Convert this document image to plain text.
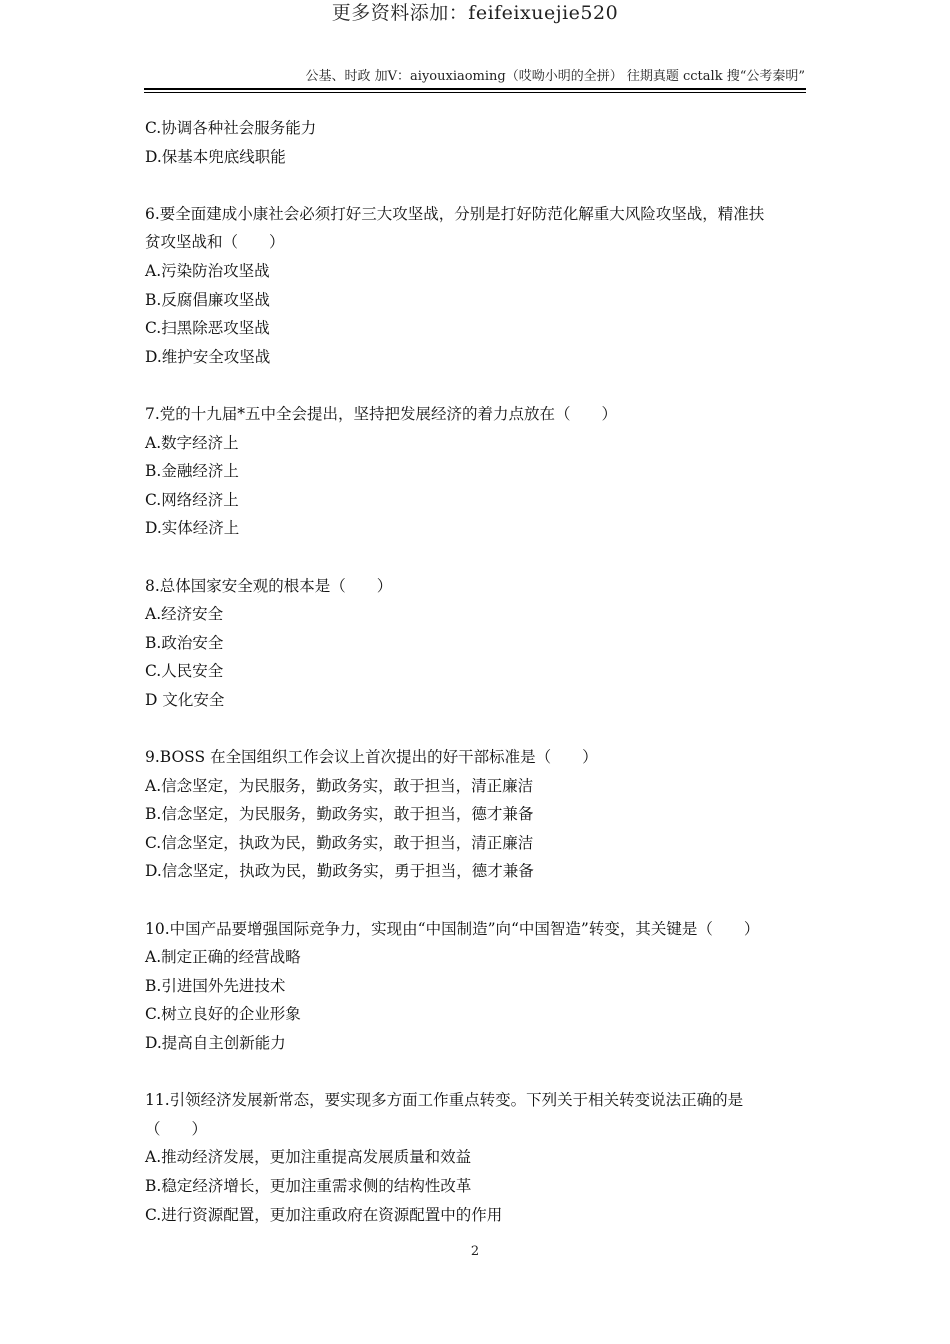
更多资料添加：feifeixuejie520
公基、时政 加V：aiyouxiaoming（哎呦小明的全拼） 往期真题 cctalk 搜“公考秦明”
C.协调各种社会服务能力
D.保基本兜底线职能
6.要全面建成小康社会必须打好三大攻坚战，分别是打好防范化解重大风险攻坚战，精准扶
贫攻坚战和（　　）
A.污染防治攻坚战
B.反腐倡廉攻坚战
C.扫黑除恶攻坚战
D.维护安全攻坚战
7.党的十九届*五中全会提出，坚持把发展经济的着力点放在（　　）
A.数字经济上
B.金融经济上
C.网络经济上
D.实体经济上
8.总体国家安全观的根本是（　　）
A.经济安全
B.政治安全
C.人民安全
D 文化安全
9.BOSS 在全国组织工作会议上首次提出的好干部标准是（　　）
A.信念坚定，为民服务，勤政务实，敢于担当，清正廉洁
B.信念坚定，为民服务，勤政务实，敢于担当，德才兼备
C.信念坚定，执政为民，勤政务实，敢于担当，清正廉洁
D.信念坚定，执政为民，勤政务实，勇于担当，德才兼备
10.中国产品要增强国际竞争力，实现由“中国制造”向“中国智造”转变，其关键是（　　）
A.制定正确的经营战略
B.引进国外先进技术
C.树立良好的企业形象
D.提高自主创新能力
11.引领经济发展新常态，要实现多方面工作重点转变。下列关于相关转变说法正确的是
（　　）
A.推动经济发展，更加注重提高发展质量和效益
B.稳定经济增长，更加注重需求侧的结构性改革
C.进行资源配置，更加注重政府在资源配置中的作用
2
